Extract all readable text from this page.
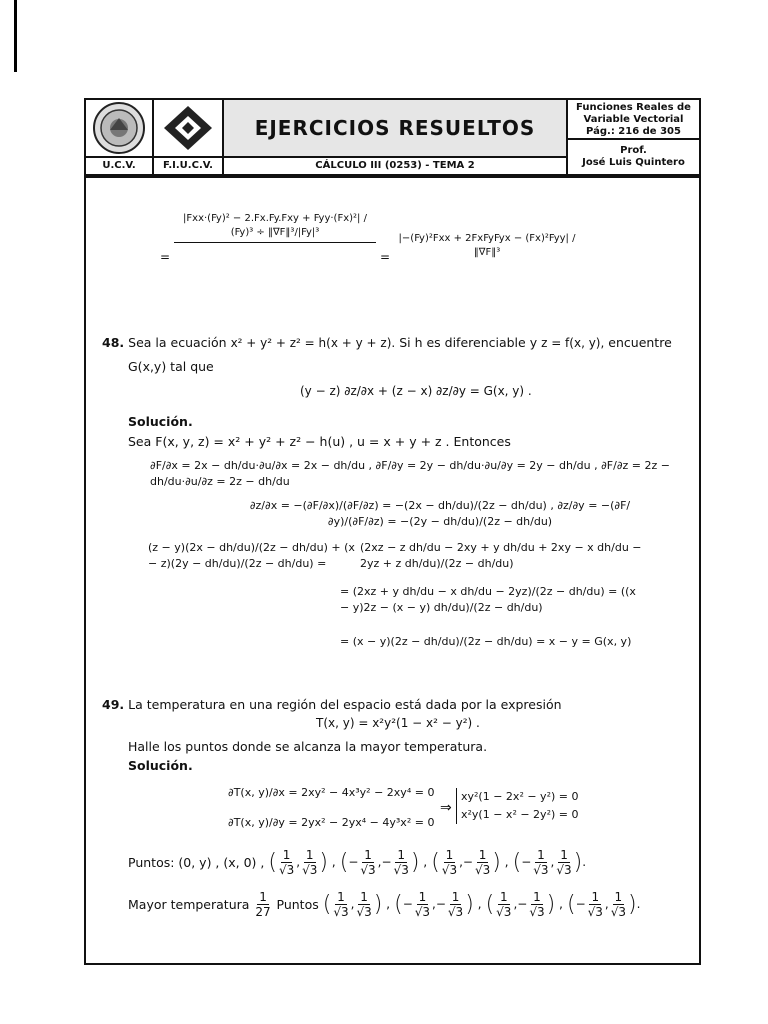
EJERCICIOS RESUELTOS
Funciones Reales de
Variable Vectorial
Pág.: 216 de 305
Prof.
José Luis Quintero
U.C.V.	F.I.U.C.V.	CÁLCULO III (0253) - TEMA 2
=
|Fxx·(Fy)² − 2.Fx.Fy.Fxy + Fyy·(Fx)²| / (Fy)³ ÷ ‖∇F‖³/|Fy|³
=
|−(Fy)²Fxx + 2FxFyFyx − (Fx)²Fyy| / ‖∇F‖³
48. Sea la ecuación x² + y² + z² = h(x + y + z). Si h es diferenciable y z = f(x, y), encuentre
G(x,y) tal que
(y − z) ∂z/∂x + (z − x) ∂z/∂y = G(x, y) .
Solución.
Sea F(x, y, z) = x² + y² + z² − h(u) , u = x + y + z . Entonces
∂F/∂x = 2x − dh/du·∂u/∂x = 2x − dh/du , ∂F/∂y = 2y − dh/du·∂u/∂y = 2y − dh/du , ∂F/∂z = 2z − dh/du·∂u/∂z = 2z − dh/du
∂z/∂x = −(∂F/∂x)/(∂F/∂z) = −(2x − dh/du)/(2z − dh/du) , ∂z/∂y = −(∂F/∂y)/(∂F/∂z) = −(2y − dh/du)/(2z − dh/du)
(z − y)(2x − dh/du)/(2z − dh/du) + (x − z)(2y − dh/du)/(2z − dh/du) =
(2xz − z dh/du − 2xy + y dh/du + 2xy − x dh/du − 2yz + z dh/du)/(2z − dh/du)
= (2xz + y dh/du − x dh/du − 2yz)/(2z − dh/du) = ((x − y)2z − (x − y) dh/du)/(2z − dh/du)
= (x − y)(2z − dh/du)/(2z − dh/du) = x − y = G(x, y)
49. La temperatura en una región del espacio está dada por la expresión
T(x, y) = x²y²(1 − x² − y²) .
Halle los puntos donde se alcanza la mayor temperatura.
Solución.
∂T(x, y)/∂x = 2xy² − 4x³y² − 2xy⁴ = 0
∂T(x, y)/∂y = 2yx² − 2yx⁴ − 4y³x² = 0
⇒
xy²(1 − 2x² − y²) = 0
x²y(1 − x² − 2y²) = 0
Puntos: (0, y) , (x, 0) , ( $\frac{1}{√3}$ , $\frac{1}{√3}$ ) , (− $\frac{1}{√3}$ ,− $\frac{1}{√3}$ ) , ( $\frac{1}{√3}$ ,− $\frac{1}{√3}$ ) , (− $\frac{1}{√3}$ , $\frac{1}{√3}$ ).
Mayor temperatura $\frac{1}{27}$ Puntos ( $\frac{1}{√3}$ , $\frac{1}{√3}$ ) , (− $\frac{1}{√3}$ ,− $\frac{1}{√3}$ ) , ( $\frac{1}{√3}$ ,− $\frac{1}{√3}$ ) , (− $\frac{1}{√3}$ , $\frac{1}{√3}$ ).
